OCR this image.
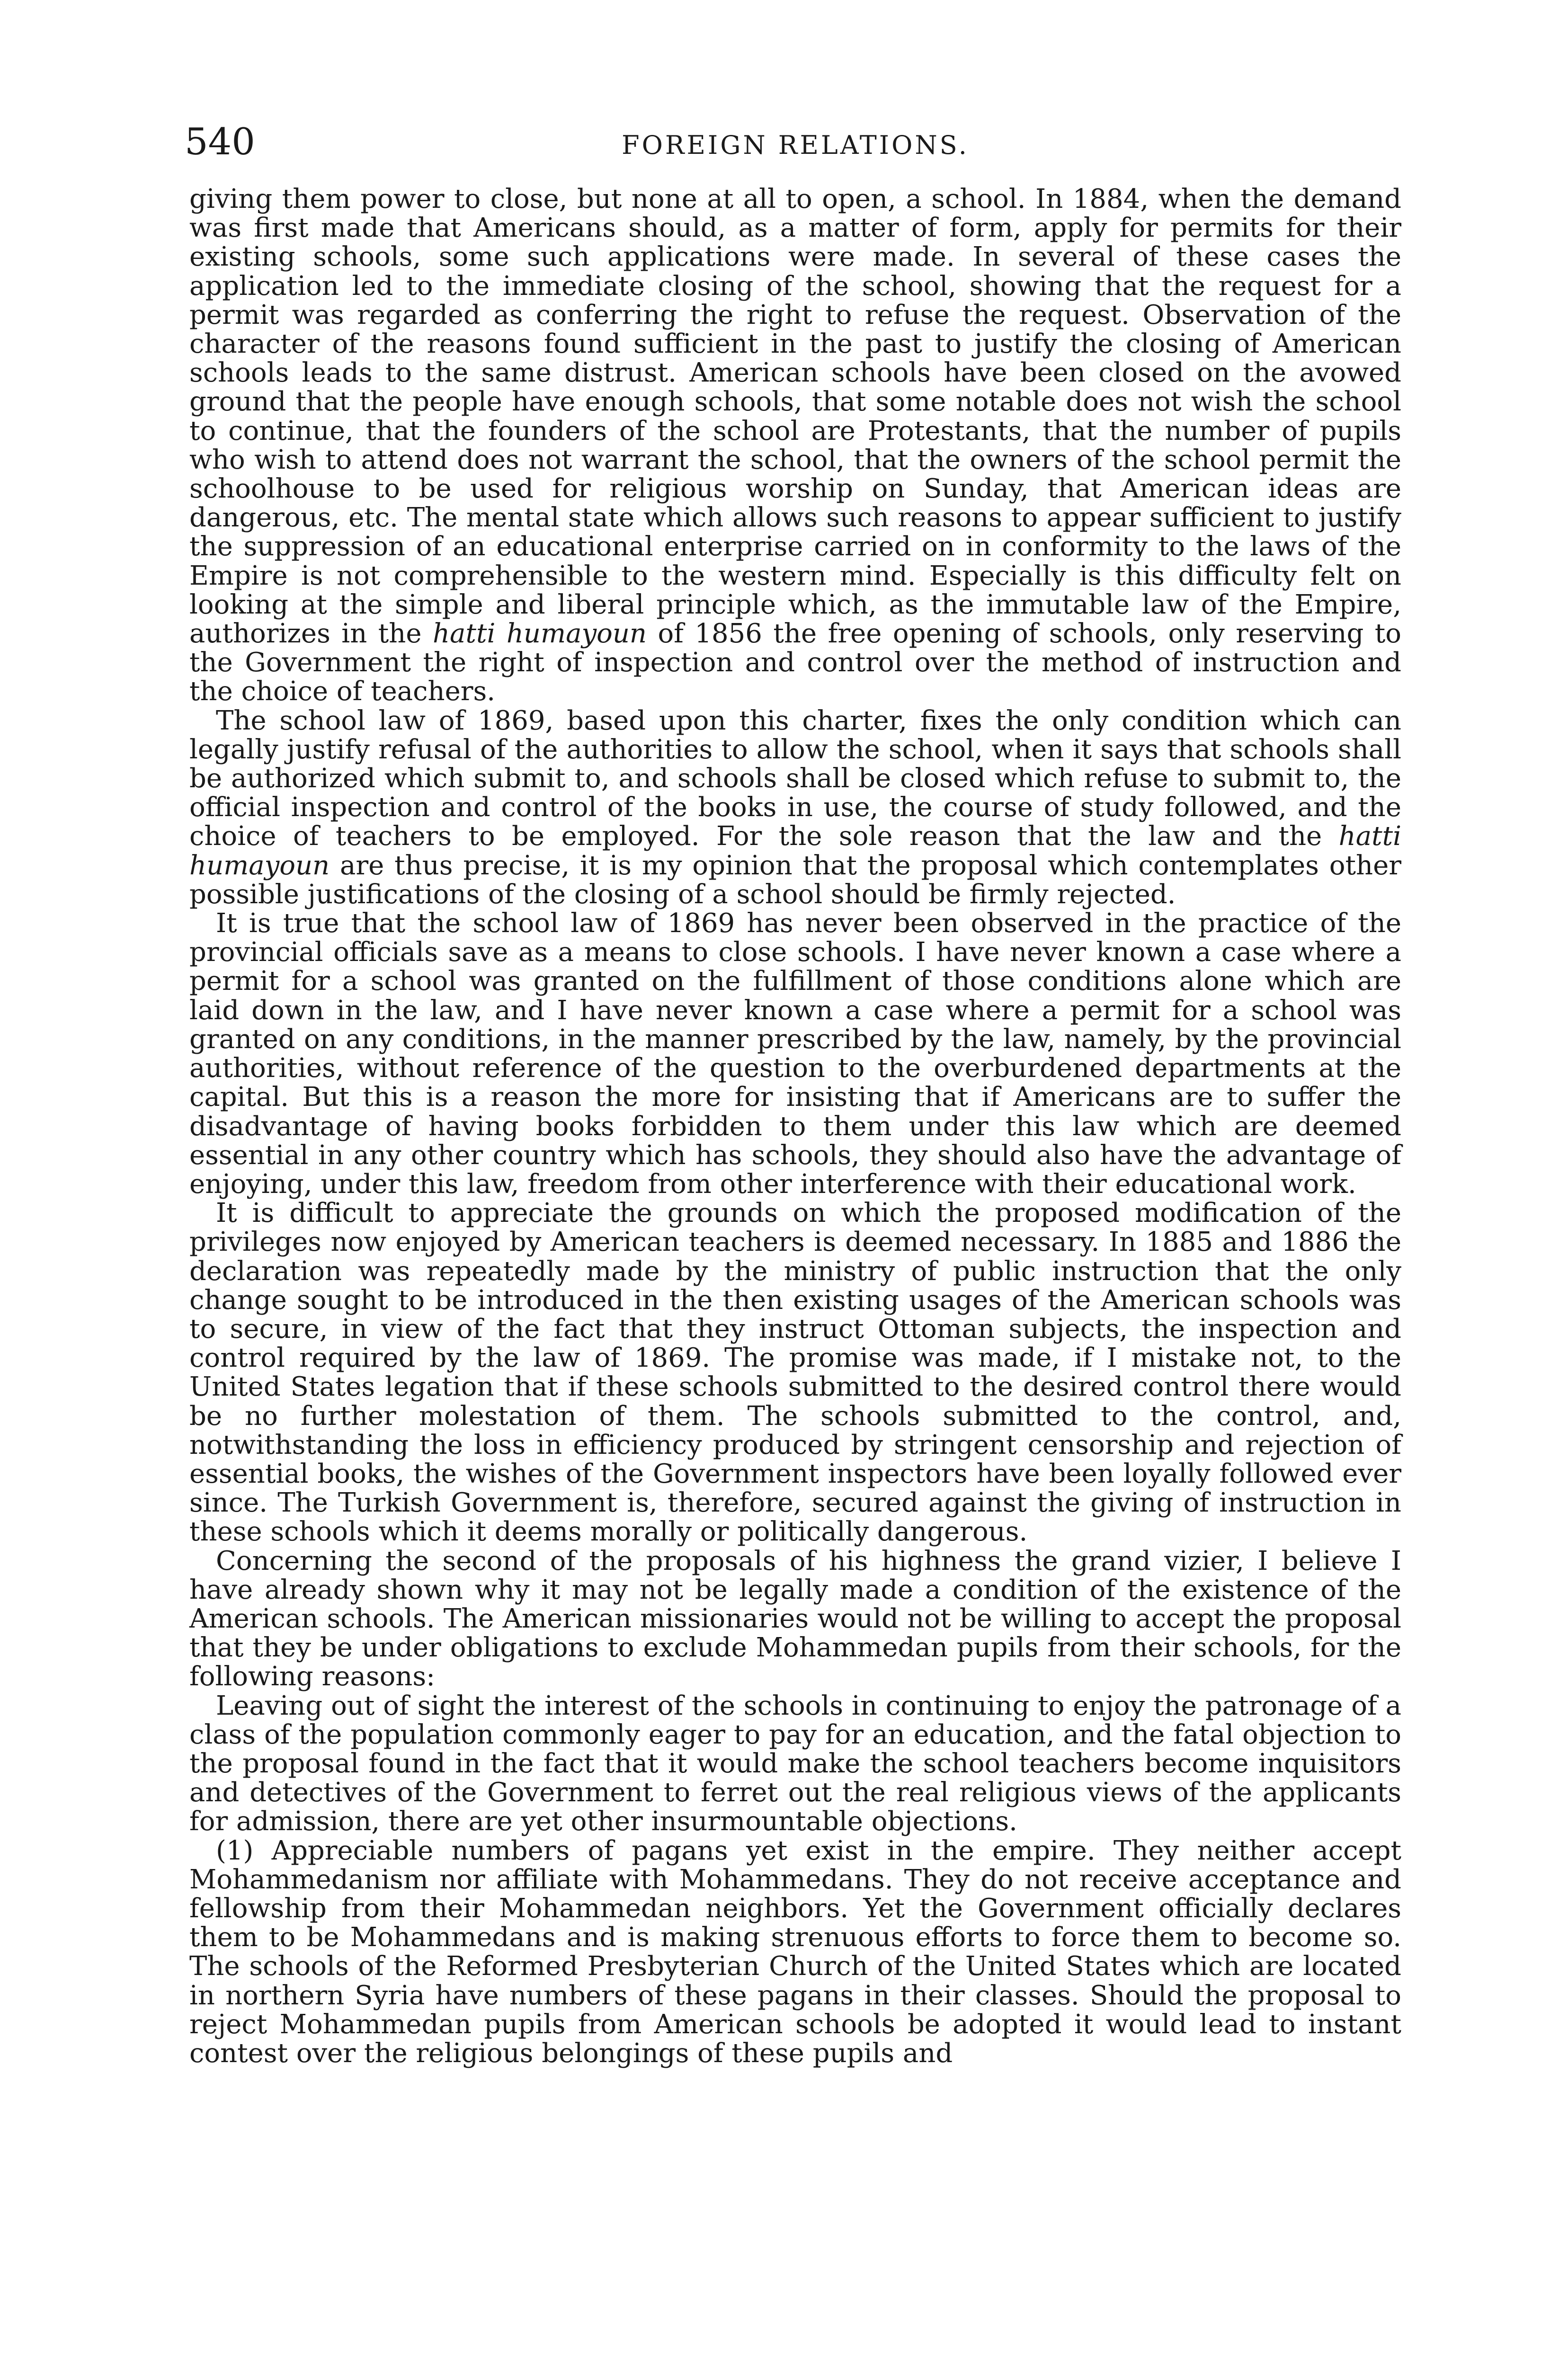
540	FOREIGN RELATIONS.

giving them power to close, but none at all to open, a school. In 1884, when the demand was first made that Americans should, as a matter of form, apply for permits for their existing schools, some such applications were made. In several of these cases the application led to the immediate closing of the school, showing that the request for a permit was regarded as conferring the right to refuse the request. Observation of the character of the reasons found sufficient in the past to justify the closing of American schools leads to the same distrust. American schools have been closed on the avowed ground that the people have enough schools, that some notable does not wish the school to continue, that the founders of the school are Protestants, that the number of pupils who wish to attend does not warrant the school, that the owners of the school permit the schoolhouse to be used for religious worship on Sunday, that American ideas are dangerous, etc. The mental state which allows such reasons to appear sufficient to justify the suppression of an educational enterprise carried on in conformity to the laws of the Empire is not comprehensible to the western mind. Especially is this difficulty felt on looking at the simple and liberal principle which, as the immutable law of the Empire, authorizes in the hatti humayoun of 1856 the free opening of schools, only reserving to the Government the right of inspection and control over the method of instruction and the choice of teachers.

The school law of 1869, based upon this charter, fixes the only condition which can legally justify refusal of the authorities to allow the school, when it says that schools shall be authorized which submit to, and schools shall be closed which refuse to submit to, the official inspection and control of the books in use, the course of study followed, and the choice of teachers to be employed. For the sole reason that the law and the hatti humayoun are thus precise, it is my opinion that the proposal which contemplates other possible justifications of the closing of a school should be firmly rejected.

It is true that the school law of 1869 has never been observed in the practice of the provincial officials save as a means to close schools. I have never known a case where a permit for a school was granted on the fulfillment of those conditions alone which are laid down in the law, and I have never known a case where a permit for a school was granted on any conditions, in the manner prescribed by the law, namely, by the provincial authorities, without reference of the question to the overburdened departments at the capital. But this is a reason the more for insisting that if Americans are to suffer the disadvantage of having books forbidden to them under this law which are deemed essential in any other country which has schools, they should also have the advantage of enjoying, under this law, freedom from other interference with their educational work.

It is difficult to appreciate the grounds on which the proposed modification of the privileges now enjoyed by American teachers is deemed necessary. In 1885 and 1886 the declaration was repeatedly made by the ministry of public instruction that the only change sought to be introduced in the then existing usages of the American schools was to secure, in view of the fact that they instruct Ottoman subjects, the inspection and control required by the law of 1869. The promise was made, if I mistake not, to the United States legation that if these schools submitted to the desired control there would be no further molestation of them. The schools submitted to the control, and, notwithstanding the loss in efficiency produced by stringent censorship and rejection of essential books, the wishes of the Government inspectors have been loyally followed ever since. The Turkish Government is, therefore, secured against the giving of instruction in these schools which it deems morally or politically dangerous.

Concerning the second of the proposals of his highness the grand vizier, I believe I have already shown why it may not be legally made a condition of the existence of the American schools. The American missionaries would not be willing to accept the proposal that they be under obligations to exclude Mohammedan pupils from their schools, for the following reasons:

Leaving out of sight the interest of the schools in continuing to enjoy the patronage of a class of the population commonly eager to pay for an education, and the fatal objection to the proposal found in the fact that it would make the school teachers become inquisitors and detectives of the Government to ferret out the real religious views of the applicants for admission, there are yet other insurmountable objections.

(1) Appreciable numbers of pagans yet exist in the empire. They neither accept Mohammedanism nor affiliate with Mohammedans. They do not receive acceptance and fellowship from their Mohammedan neighbors. Yet the Government officially declares them to be Mohammedans and is making strenuous efforts to force them to become so. The schools of the Reformed Presbyterian Church of the United States which are located in northern Syria have numbers of these pagans in their classes. Should the proposal to reject Mohammedan pupils from American schools be adopted it would lead to instant contest over the religious belongings of these pupils and
